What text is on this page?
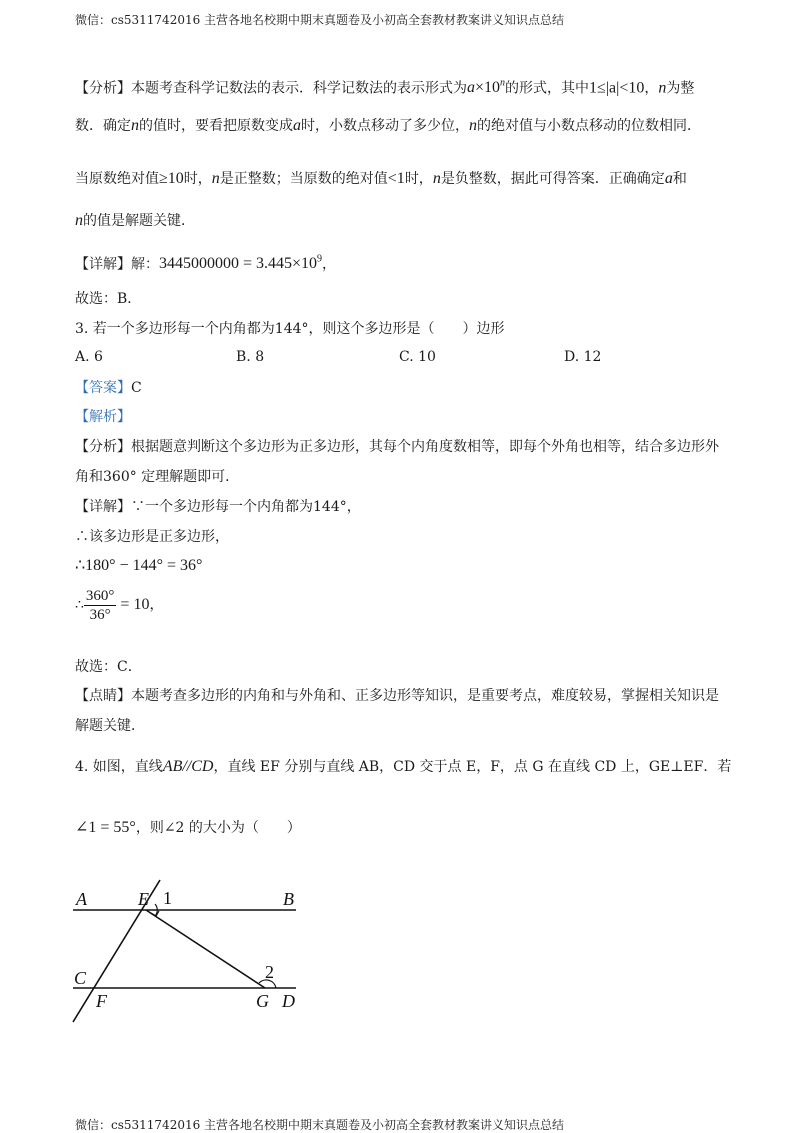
微信：cs5311742016 主营各地名校期中期末真题卷及小初高全套教材教案讲义知识点总结
【分析】本题考查科学记数法的表示．科学记数法的表示形式为$a\times 10^n$的形式，其中1≤|a|<10，n为整
数．确定n的值时，要看把原数变成a时，小数点移动了多少位，n的绝对值与小数点移动的位数相同．
当原数绝对值≥10时，n是正整数；当原数的绝对值<1时，n是负整数，据此可得答案．正确确定a和
n的值是解题关键．
【详解】解：$3445000000 = 3.445\times 10^9$，
故选：B．
3. 若一个多边形每一个内角都为144°，则这个多边形是（　　）边形
A. 6	B. 8	C. 10	D. 12
【答案】C
【解析】
【分析】根据题意判断这个多边形为正多边形，其每个内角度数相等，即每个外角也相等，结合多边形外
角和360° 定理解题即可．
【详解】∵一个多边形每一个内角都为144°，
∴该多边形是正多边形，
∴180° − 144° = 36°
∴ $\frac{360^\circ}{36^\circ} = 10$，
故选：C．
【点睛】本题考查多边形的内角和与外角和、正多边形等知识，是重要考点，难度较易，掌握相关知识是
解题关键．
4. 如图，直线AB//CD，直线 EF 分别与直线 AB，CD 交于点 E，F，点 G 在直线 CD 上，GE⊥EF．若
∠1 = 55°，则∠2 的大小为（　　）
A	E 1	B
C	2
F	G D
微信：cs5311742016 主营各地名校期中期末真题卷及小初高全套教材教案讲义知识点总结
